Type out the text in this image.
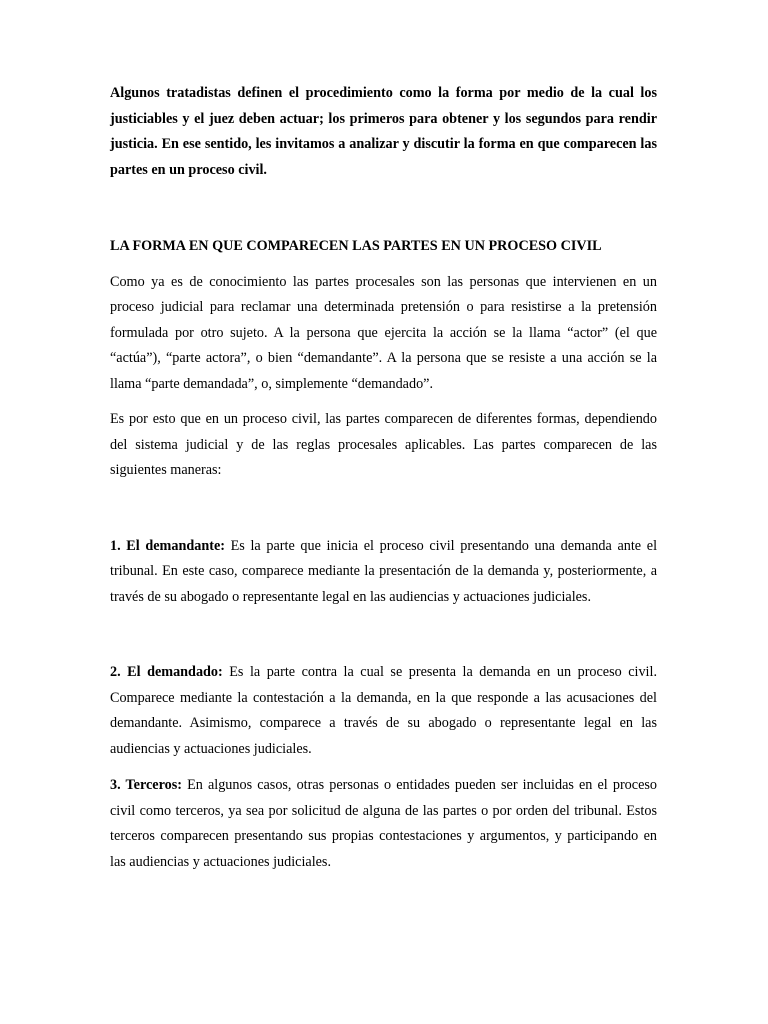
Algunos tratadistas definen el procedimiento como la forma por medio de la cual los justiciables y el juez deben actuar; los primeros para obtener y los segundos para rendir justicia. En ese sentido, les invitamos a analizar y discutir la forma en que comparecen las partes en un proceso civil.

LA FORMA EN QUE COMPARECEN LAS PARTES EN UN PROCESO CIVIL

Como ya es de conocimiento las partes procesales son las personas que intervienen en un proceso judicial para reclamar una determinada pretensión o para resistirse a la pretensión formulada por otro sujeto. A la persona que ejercita la acción se la llama “actor” (el que “actúa”), “parte actora”, o bien “demandante”. A la persona que se resiste a una acción se la llama “parte demandada”, o, simplemente “demandado”.

Es por esto que en un proceso civil, las partes comparecen de diferentes formas, dependiendo del sistema judicial y de las reglas procesales aplicables. Las partes comparecen de las siguientes maneras:

1. El demandante: Es la parte que inicia el proceso civil presentando una demanda ante el tribunal. En este caso, comparece mediante la presentación de la demanda y, posteriormente, a través de su abogado o representante legal en las audiencias y actuaciones judiciales.

2. El demandado: Es la parte contra la cual se presenta la demanda en un proceso civil. Comparece mediante la contestación a la demanda, en la que responde a las acusaciones del demandante. Asimismo, comparece a través de su abogado o representante legal en las audiencias y actuaciones judiciales.

3. Terceros: En algunos casos, otras personas o entidades pueden ser incluidas en el proceso civil como terceros, ya sea por solicitud de alguna de las partes o por orden del tribunal. Estos terceros comparecen presentando sus propias contestaciones y argumentos, y participando en las audiencias y actuaciones judiciales.
